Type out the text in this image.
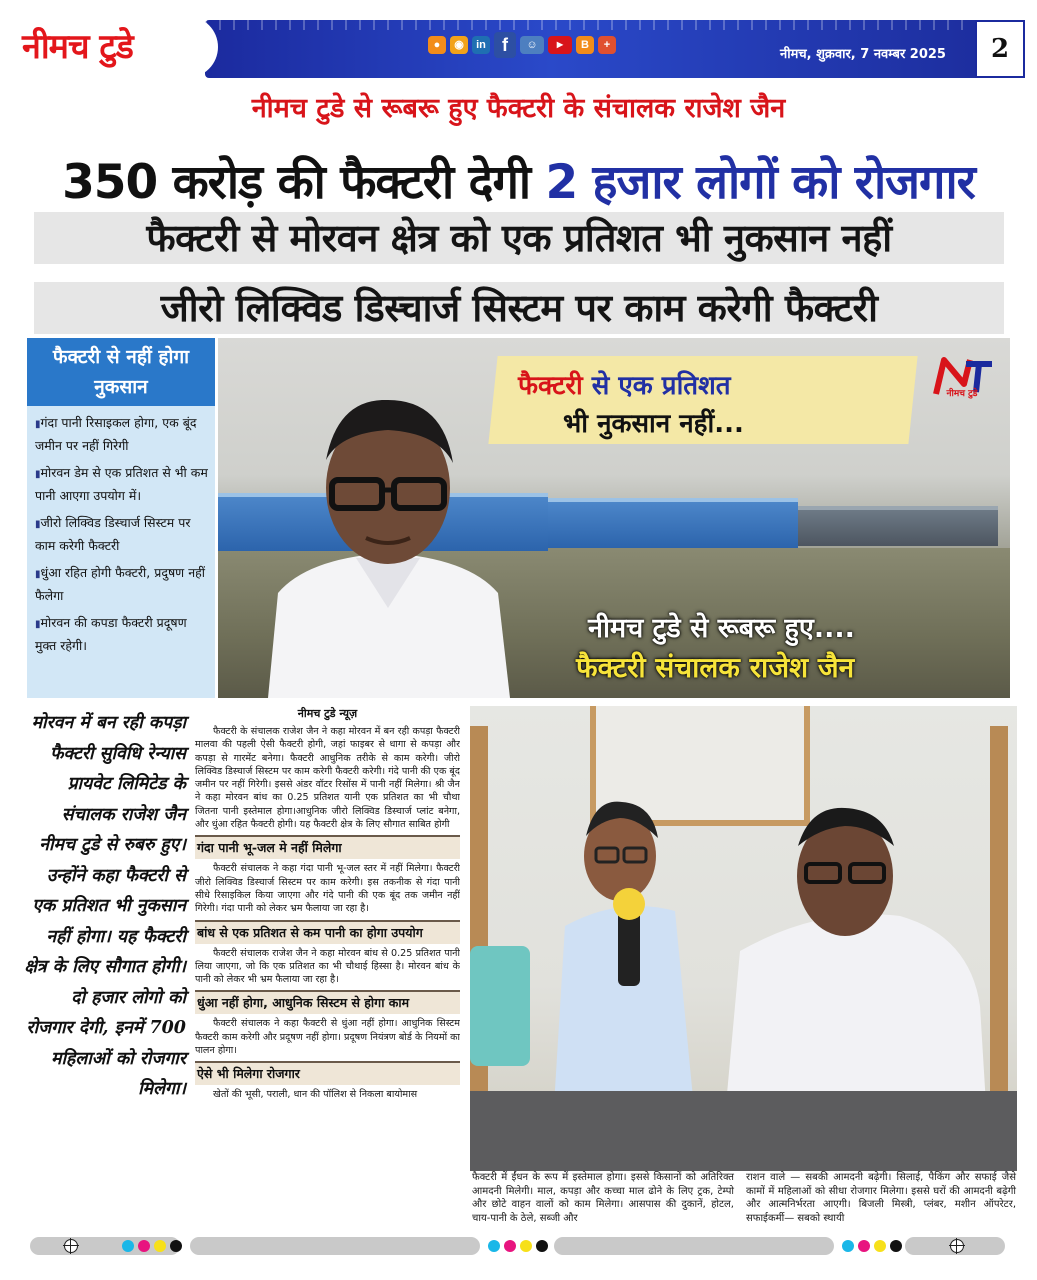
नीमच टुडे	●	◉	in f	☺	▶	B	+
नीमच, शुक्रवार, 7 नवम्बर 2025	2
नीमच टुडे से रूबरू हुए फैक्टरी के संचालक राजेश जैन
350 करोड़ की फैक्टरी देगी 2 हजार लोगों को रोजगार
फैक्टरी से मोरवन क्षेत्र को एक प्रतिशत भी नुकसान नहीं
जीरो लिक्विड डिस्चार्ज सिस्टम पर काम करेगी फैक्टरी
फैक्टरी से नहीं होगा नुकसान
▮ गंदा पानी रिसाइकल होगा, एक बूंद जमीन पर नहीं गिरेगी
▮ मोरवन डेम से एक प्रतिशत से भी कम पानी आएगा उपयोग में।
▮ जीरो लिक्विड डिस्चार्ज सिस्टम पर काम करेगी फैक्टरी
▮ धुंआ रहित होगी फैक्टरी, प्रदुषण नहीं फैलेगा
▮ मोरवन की कपडा फैक्टरी प्रदूषण मुक्त रहेगी।
फैक्टरी से एक प्रतिशत
भी नुकसान नहीं...
नीमच टुडे
नीमच टुडे से रूबरू हुए....
फैक्टरी संचालक राजेश जैन
मोरवन में बन रही कपड़ा फैक्टरी सुविधि रेन्यास प्रायवेट लिमिटेड के संचालक राजेश जैन नीमच टुडे से रुबरु हुए। उन्होंने कहा फैक्टरी से एक प्रतिशत भी नुकसान नहीं होगा। यह फैक्टरी क्षेत्र के लिए सौगात होगी। दो हजार लोगो को रोजगार देगी, इनमें 700 महिलाओं को रोजगार मिलेगा।
नीमच टुडे न्यूज़

फैक्टरी के संचालक राजेश जैन ने कहा मोरवन में बन रही कपड़ा फैक्टरी मालवा की पहली ऐसी फैक्टरी होगी, जहां फाइबर से धागा से कपड़ा और कपड़ा से गारमेंट बनेगा। फैक्टरी आधुनिक तरीके से काम करेगी। जीरो लिक्विड डिस्चार्ज सिस्टम पर काम करेगी फैक्टरी करेगी। गंदे पानी की एक बूंद जमीन पर नहीं गिरेगी। इससे अंडर वॉटर रिसोंस में पानी नहीं मिलेगा। श्री जैन ने कहा मोरवन बांध का 0.25 प्रतिशत यानी एक प्रतिशत का भी चौथा जितना पानी इस्तेमाल होगा।आधुनिक जीरो लिक्विड डिस्चार्ज प्लांट बनेगा, और धुंआ रहित फैक्टरी होगी। यह फैक्टरी क्षेत्र के लिए सौगात साबित होगी

गंदा पानी भू-जल मे नहीं मिलेगा

फैक्टरी संचालक ने कहा गंदा पानी भू-जल स्तर में नहीं मिलेगा। फैक्टरी जीरो लिक्विड डिस्चार्ज सिस्टम पर काम करेगी। इस तकनीक से गंदा पानी सीधे रिसाइकिल किया जाएगा और गंदे पानी की एक बूंद तक जमीन नहीं गिरेगी। गंदा पानी को लेकर भ्रम फैलाया जा रहा है।

बांध से एक प्रतिशत से कम पानी का होगा उपयोग

फैक्टरी संचालक राजेश जैन ने कहा मोरवन बांध से 0.25 प्रतिशत पानी लिया जाएगा, जो कि एक प्रतिशत का भी चौथाई हिस्सा है। मोरवन बांध के पानी को लेकर भी भ्रम फैलाया जा रहा है।

धुंआ नहीं होगा, आधुनिक सिस्टम से होगा काम

फैक्टरी संचालक ने कहा फैक्टरी से धुंआ नहीं होगा। आधुनिक सिस्टम फैक्टरी काम करेगी और प्रदूषण नहीं होगा। प्रदूषण नियंत्रण बोर्ड के नियमों का पालन होगा।

ऐसे भी मिलेगा रोजगार

खेतों की भूसी, पराली, धान की पॉलिश से निकला बायोमास

फैक्टरी में ईंधन के रूप में इस्तेमाल होगा। इससे किसानों को अतिरिक्त आमदनी मिलेगी। माल, कपड़ा और कच्चा माल ढोने के लिए ट्रक, टेम्पो और छोटे वाहन वालों को काम मिलेगा। आसपास की दुकानें, होटल, चाय-पानी के ठेले, सब्जी और
राशन वाले — सबकी आमदनी बढ़ेगी। सिलाई, पैकिंग और सफाई जैसे कामों में महिलाओं को सीधा रोजगार मिलेगा। इससे घरों की आमदनी बढ़ेगी और आत्मनिर्भरता आएगी। बिजली मिस्त्री, प्लंबर, मशीन ऑपरेटर, सफाईकर्मी— सबको स्थायी
